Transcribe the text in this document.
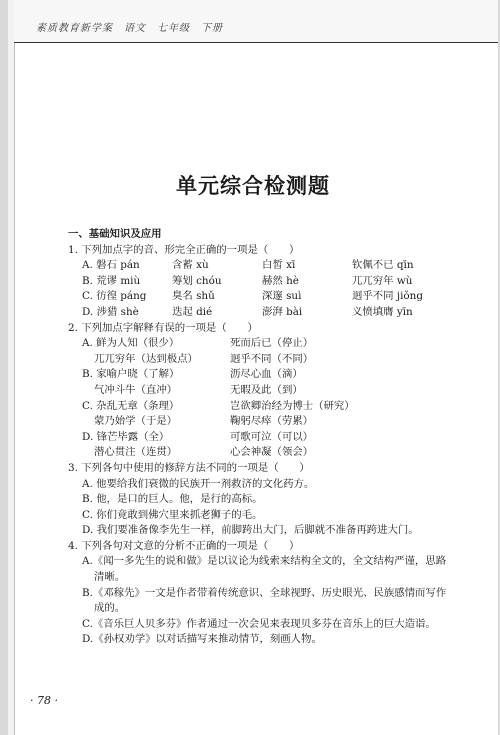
素质教育新学案　语文　七年级　下册
单元综合检测题
一、基础知识及应用

1. 下列加点字的音、形完全正确的一项是（　　）

A. 磐石 pán	含蓄 xù	白皙 xī	钦佩不已 qīn
B. 荒谬 miù	筹划 chóu	赫然 hè	兀兀穷年 wù
C. 彷徨 páng	臭名 shǔ	深邃 suì	迥乎不同 jiǒng
D. 涉猎 shè	迭起 dié	澎湃 bài	义愤填膺 yīn

2. 下列加点字解释有误的一项是（　　）

A. 鲜为人知（很少）	死而后已（停止）
兀兀穷年（达到极点）	迥乎不同（不同）
B. 家喻户晓（了解）	沥尽心血（滴）
气冲斗牛（直冲）	无暇及此（到）
C. 杂乱无章（条理）	岂欲卿治经为博士（研究）
蒙乃始学（于是）	鞠躬尽瘁（劳累）
D. 锋芒毕露（全）	可歌可泣（可以）
潜心贯注（连贯）	心会神凝（领会）

3. 下列各句中使用的修辞方法不同的一项是（　　）

A. 他要给我们衰微的民族开一剂救济的文化药方。
B. 他，是口的巨人。他，是行的高标。
C. 你们竟敢到佛穴里来抓老狮子的毛。
D. 我们要准备像李先生一样，前脚跨出大门，后脚就不准备再跨进大门。

4. 下列各句对文意的分析不正确的一项是（　　）

A.《闻一多先生的说和做》是以议论为线索来结构全文的，全文结构严谨，思路
清晰。
B.《邓稼先》一文是作者带着传统意识、全球视野、历史眼光、民族感情而写作
成的。
C.《音乐巨人贝多芬》作者通过一次会见来表现贝多芬在音乐上的巨大造诣。
D.《孙权劝学》以对话描写来推动情节，刻画人物。
· 78 ·
